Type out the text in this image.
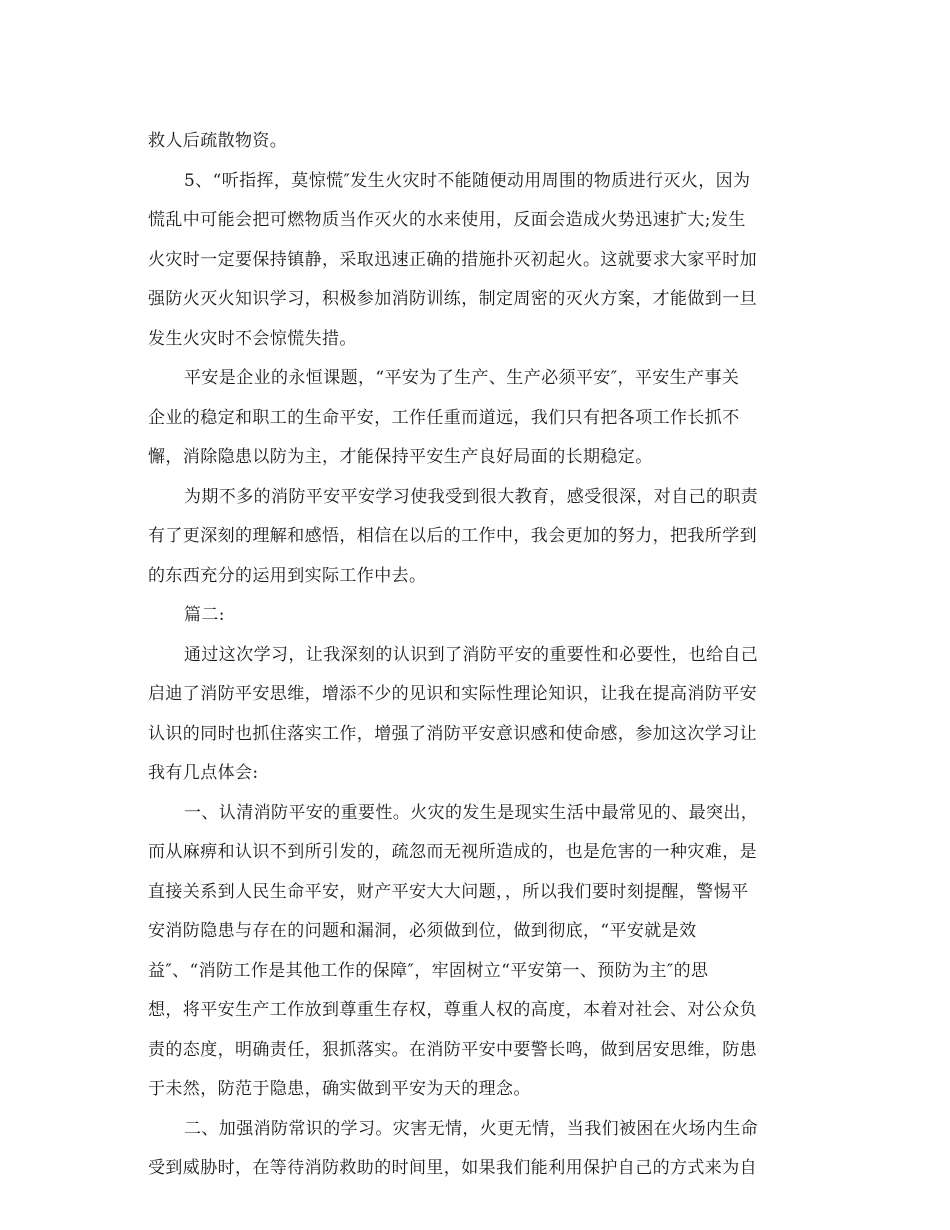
救人后疏散物资。
5、“听指挥，莫惊慌″发生火灾时不能随便动用周围的物质进行灭火，因为
慌乱中可能会把可燃物质当作灭火的水来使用，反面会造成火势迅速扩大;发生
火灾时一定要保持镇静，采取迅速正确的措施扑灭初起火。这就要求大家平时加
强防火灭火知识学习，积极参加消防训练，制定周密的灭火方案，才能做到一旦
发生火灾时不会惊慌失措。
平安是企业的永恒课题，“平安为了生产、生产必须平安″，平安生产事关
企业的稳定和职工的生命平安，工作任重而道远，我们只有把各项工作长抓不
懈，消除隐患以防为主，才能保持平安生产良好局面的长期稳定。
为期不多的消防平安平安学习使我受到很大教育，感受很深，对自己的职责
有了更深刻的理解和感悟，相信在以后的工作中，我会更加的努力，把我所学到
的东西充分的运用到实际工作中去。
篇二:
通过这次学习，让我深刻的认识到了消防平安的重要性和必要性，也给自己
启迪了消防平安思维，增添不少的见识和实际性理论知识，让我在提高消防平安
认识的同时也抓住落实工作，增强了消防平安意识感和使命感，参加这次学习让
我有几点体会:
一、认清消防平安的重要性。火灾的发生是现实生活中最常见的、最突出，
而从麻痹和认识不到所引发的，疏忽而无视所造成的，也是危害的一种灾难，是
直接关系到人民生命平安，财产平安大大问题，，所以我们要时刻提醒，警惕平
安消防隐患与存在的问题和漏洞，必须做到位，做到彻底，“平安就是效
益″、“消防工作是其他工作的保障″，牢固树立“平安第一、预防为主″的思
想，将平安生产工作放到尊重生存权，尊重人权的高度，本着对社会、对公众负
责的态度，明确责任，狠抓落实。在消防平安中要警长鸣，做到居安思维，防患
于未然，防范于隐患，确实做到平安为天的理念。
二、加强消防常识的学习。灾害无情，火更无情，当我们被困在火场内生命
受到威胁时，在等待消防救助的时间里，如果我们能利用保护自己的方式来为自
